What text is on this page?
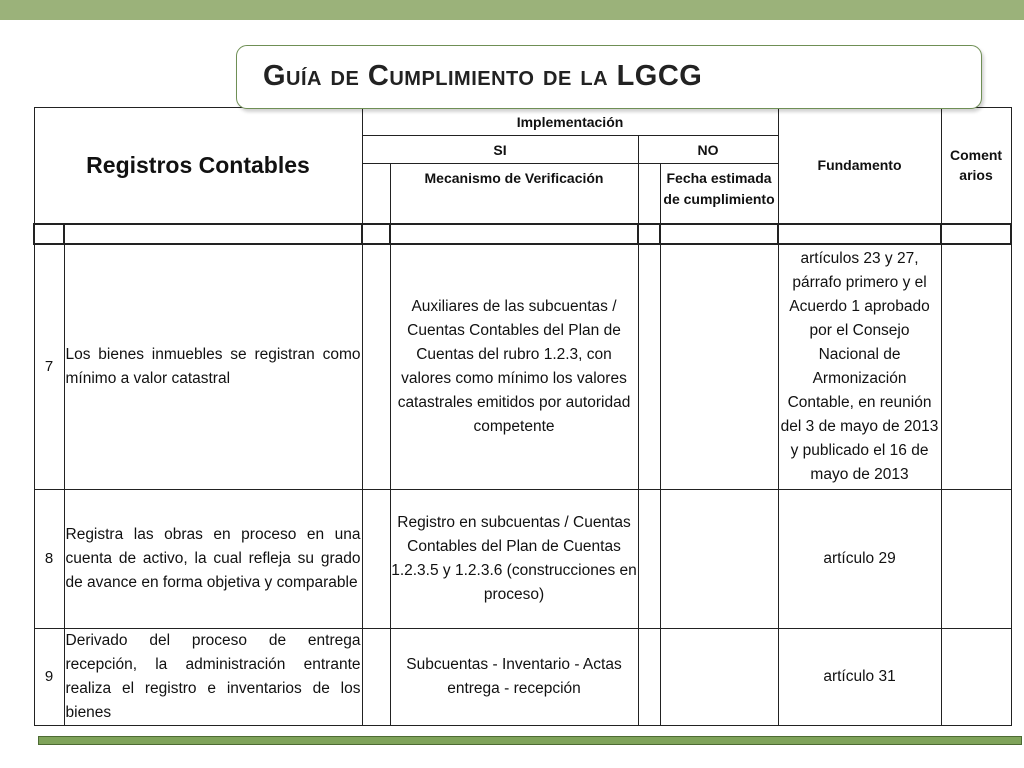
Guía de Cumplimiento de la LGCG
Registros Contables		Implementación				Fundamento	Coment arios
		SI		NO			
			Mecanismo de Verificación		Fecha estimada de cumplimiento		

7	Los bienes inmuebles se registran como mínimo a valor catastral		Auxiliares de las subcuentas / Cuentas Contables del Plan de Cuentas del rubro 1.2.3, con valores como mínimo los valores catastrales emitidos por autoridad competente			artículos 23 y 27, párrafo primero y el Acuerdo 1 aprobado por el Consejo Nacional de Armonización Contable, en reunión del 3 de mayo de 2013 y publicado el 16 de mayo de 2013	
8	Registra las obras en proceso en una cuenta de activo, la cual refleja su grado de avance en forma objetiva y comparable		Registro en subcuentas / Cuentas Contables del Plan de Cuentas 1.2.3.5 y 1.2.3.6 (construcciones en proceso)			artículo 29	
9	Derivado del proceso de entrega recepción, la administración entrante realiza el registro e inventarios de los bienes		Subcuentas - Inventario - Actas entrega - recepción			artículo 31	
